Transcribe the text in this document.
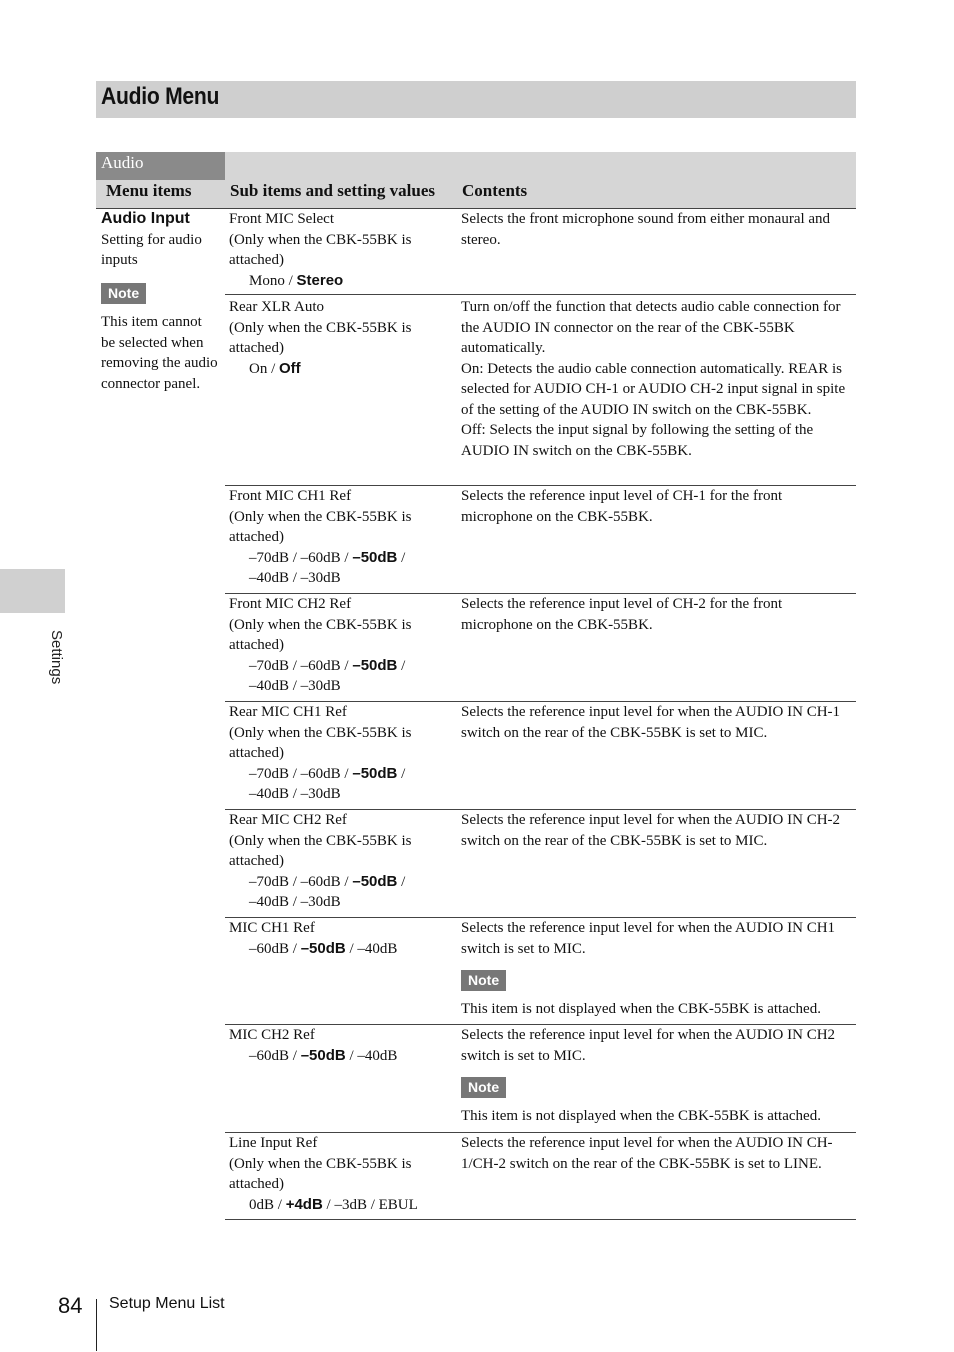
Audio Menu
Audio
Menu items Sub items and setting values Contents
Audio Input
Setting for audio inputs
Note
This item cannot be selected when removing the audio connector panel.
Front MIC Select
(Only when the CBK-55BK is attached)
Mono / Stereo
Selects the front microphone sound from either monaural and stereo.
Rear XLR Auto
(Only when the CBK-55BK is attached)
On / Off
Turn on/off the function that detects audio cable connection for the AUDIO IN connector on the rear of the CBK-55BK automatically.
On: Detects the audio cable connection automatically. REAR is selected for AUDIO CH-1 or AUDIO CH-2 input signal in spite of the setting of the AUDIO IN switch on the CBK-55BK.
Off: Selects the input signal by following the setting of the AUDIO IN switch on the CBK-55BK.
Front MIC CH1 Ref
(Only when the CBK-55BK is attached)
–70dB / –60dB / –50dB /
–40dB / –30dB
Selects the reference input level of CH-1 for the front microphone on the CBK-55BK.
Front MIC CH2 Ref
(Only when the CBK-55BK is attached)
–70dB / –60dB / –50dB /
–40dB / –30dB
Selects the reference input level of CH-2 for the front microphone on the CBK-55BK.
Rear MIC CH1 Ref
(Only when the CBK-55BK is attached)
–70dB / –60dB / –50dB /
–40dB / –30dB
Selects the reference input level for when the AUDIO IN CH-1 switch on the rear of the CBK-55BK is set to MIC.
Rear MIC CH2 Ref
(Only when the CBK-55BK is attached)
–70dB / –60dB / –50dB /
–40dB / –30dB
Selects the reference input level for when the AUDIO IN CH-2 switch on the rear of the CBK-55BK is set to MIC.
MIC CH1 Ref
–60dB / –50dB / –40dB
Selects the reference input level for when the AUDIO IN CH1 switch is set to MIC.
Note
This item is not displayed when the CBK-55BK is attached.
MIC CH2 Ref
–60dB / –50dB / –40dB
Selects the reference input level for when the AUDIO IN CH2 switch is set to MIC.
Note
This item is not displayed when the CBK-55BK is attached.
Line Input Ref
(Only when the CBK-55BK is attached)
0dB / +4dB / –3dB / EBUL
Selects the reference input level for when the AUDIO IN CH-1/CH-2 switch on the rear of the CBK-55BK is set to LINE.
Settings
84 Setup Menu List
